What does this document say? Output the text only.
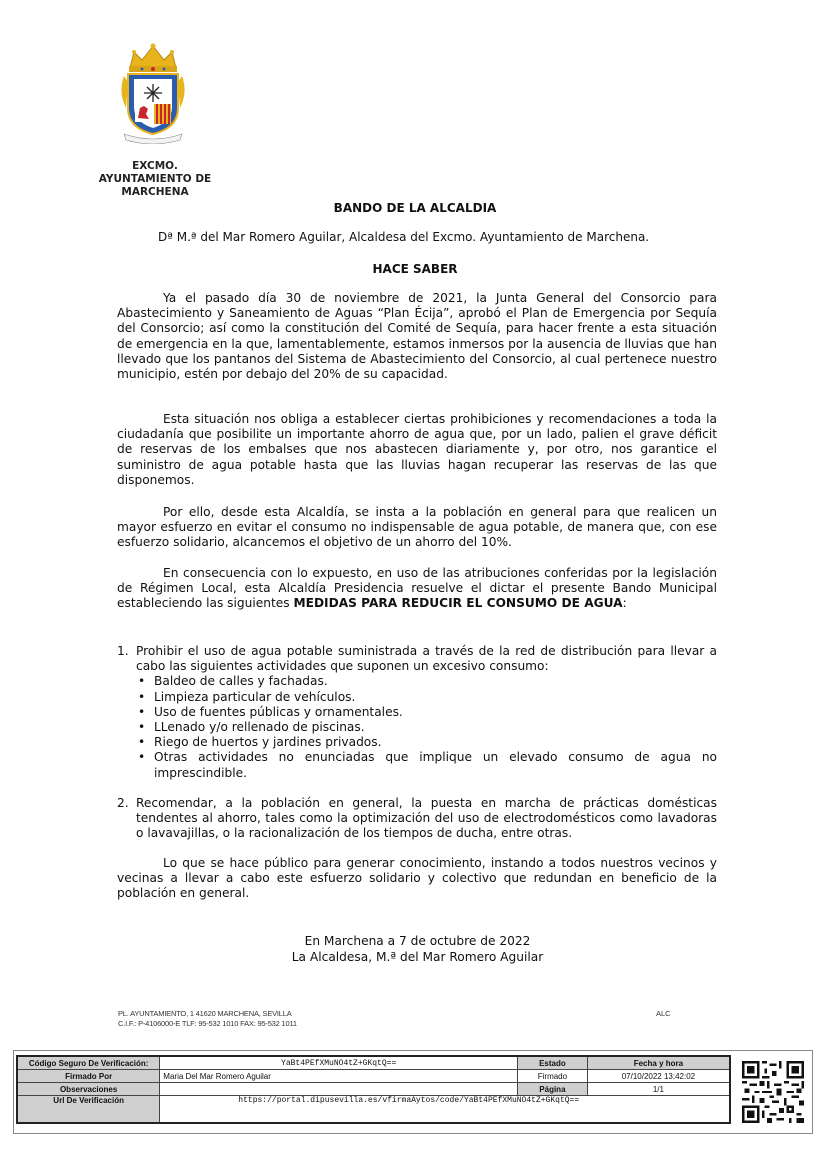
EXCMO.
AYUNTAMIENTO DE
MARCHENA
BANDO DE LA ALCALDIA
Dª M.ª del Mar Romero Aguilar, Alcaldesa del Excmo. Ayuntamiento de Marchena.
HACE SABER
Ya el pasado día 30 de noviembre de 2021, la Junta General del Consorcio para Abastecimiento y Saneamiento de Aguas “Plan Écija”, aprobó el Plan de Emergencia por Sequía del Consorcio; así como la constitución del Comité de Sequía, para hacer frente a esta situación de emergencia en la que, lamentablemente, estamos inmersos por la ausencia de lluvias que han llevado que los pantanos del Sistema de Abastecimiento del Consorcio, al cual pertenece nuestro municipio, estén por debajo del 20% de su capacidad.
Esta situación nos obliga a establecer ciertas prohibiciones y recomendaciones a toda la ciudadanía que posibilite un importante ahorro de agua que, por un lado, palien el grave déficit de reservas de los embalses que nos abastecen diariamente y, por otro, nos garantice el suministro de agua potable hasta que las lluvias hagan recuperar las reservas de las que disponemos.
Por ello, desde esta Alcaldía, se insta a la población en general para que realicen un mayor esfuerzo en evitar el consumo no indispensable de agua potable, de manera que, con ese esfuerzo solidario, alcancemos el objetivo de un ahorro del 10%.
En consecuencia con lo expuesto, en uso de las atribuciones conferidas por la legislación de Régimen Local, esta Alcaldía Presidencia resuelve el dictar el presente Bando Municipal estableciendo las siguientes MEDIDAS PARA REDUCIR EL CONSUMO DE AGUA:
1. Prohibir el uso de agua potable suministrada a través de la red de distribución para llevar a cabo las siguientes actividades que suponen un excesivo consumo:
• Baldeo de calles y fachadas.
• Limpieza particular de vehículos.
• Uso de fuentes públicas y ornamentales.
• LLenado y/o rellenado de piscinas.
• Riego de huertos y jardines privados.
• Otras actividades no enunciadas que implique un elevado consumo de agua no imprescindible.
2. Recomendar, a la población en general, la puesta en marcha de prácticas domésticas tendentes al ahorro, tales como la optimización del uso de electrodomésticos como lavadoras o lavavajillas, o la racionalización de los tiempos de ducha, entre otras.
Lo que se hace público para generar conocimiento, instando a todos nuestros vecinos y vecinas a llevar a cabo este esfuerzo solidario y colectivo que redundan en beneficio de la población en general.
En Marchena a 7 de octubre de 2022
La Alcaldesa, M.ª del Mar Romero Aguilar
PL. AYUNTAMIENTO, 1 41620 MARCHENA, SEVILLA
C.I.F.: P-4106000-E TLF: 95-532 1010 FAX: 95-532 1011
ALC
Código Seguro De Verificación:	YaBt4PEfXMuNO4tZ+GKqtQ==	Estado	Fecha y hora
Firmado Por	Maria Del Mar Romero Aguilar	Firmado	07/10/2022 13:42:02
Observaciones		Página	1/1
Url De Verificación	https://portal.dipusevilla.es/vfirmaAytos/code/YaBt4PEfXMuNO4tZ+GKqtQ==		
